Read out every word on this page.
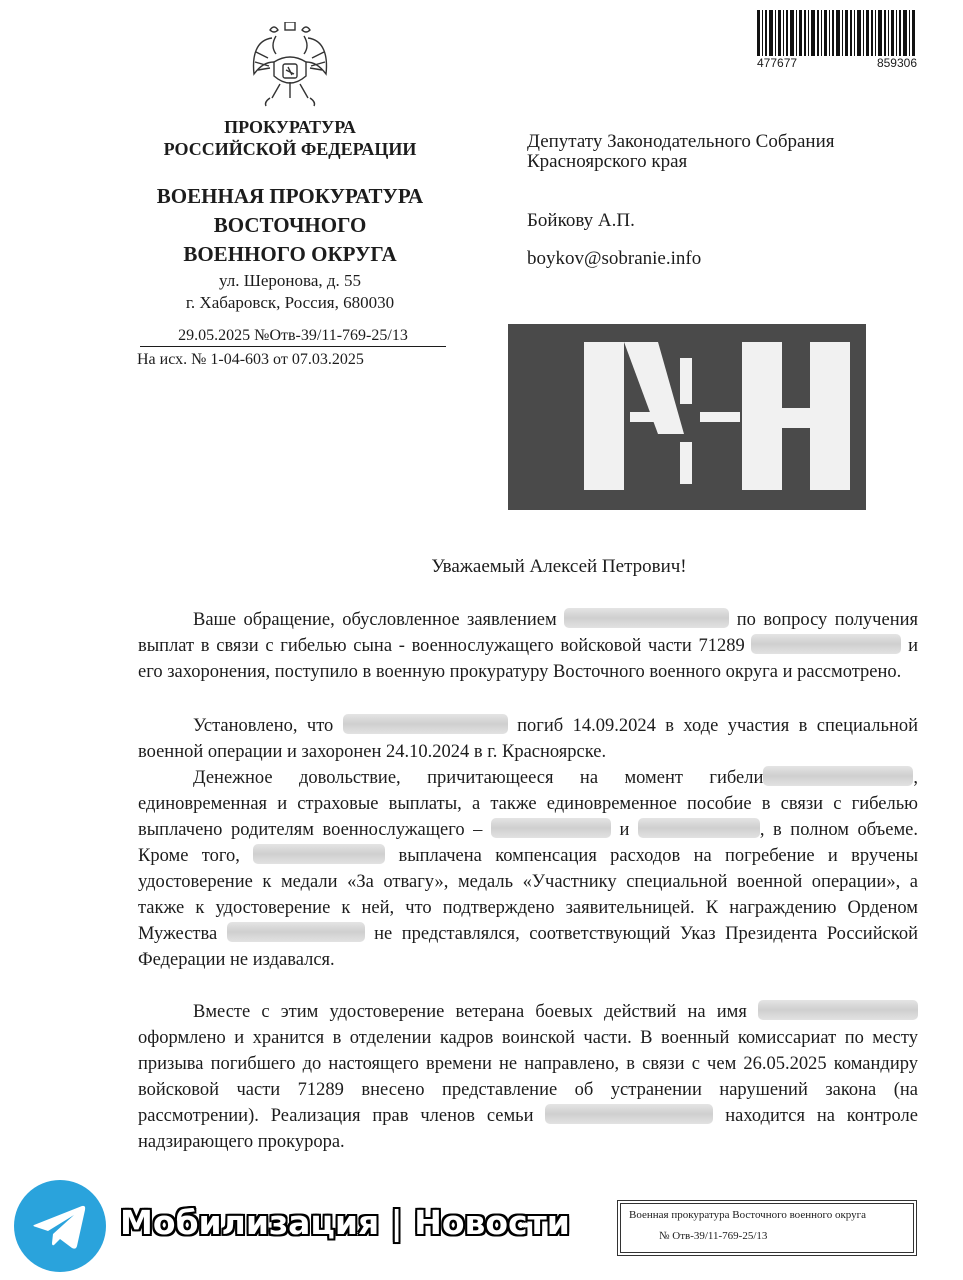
ПРОКУРАТУРА
РОССИЙСКОЙ ФЕДЕРАЦИИ
ВОЕННАЯ ПРОКУРАТУРА
ВОСТОЧНОГО
ВОЕННОГО ОКРУГА
ул. Шеронова, д. 55
г. Хабаровск, Россия, 680030
29.05.2025 №Отв-39/11-769-25/13
На исх. № 1-04-603 от 07.03.2025
477677	859306
Депутату Законодательного Собрания
Красноярского края
Бойкову А.П.
boykov@sobranie.info
Уважаемый Алексей Петрович!
Ваше обращение, обусловленное заявлением	по вопросу получения выплат в связи с гибелью сына - военнослужащего войсковой части 71289	и его захоронения, поступило в военную прокуратуру Восточного военного округа и рассмотрено.
Установлено, что	погиб 14.09.2024 в ходе участия в специальной военной операции и захоронен 24.10.2024 в г. Красноярске.
Денежное довольствие, причитающееся на момент гибели	, единовременная и страховые выплаты, а также единовременное пособие в связи с гибелью выплачено родителям военнослужащего –	и	, в полном объеме. Кроме того,	выплачена компенсация расходов на погребение и вручены удостоверение к медали «За отвагу», медаль «Участнику специальной военной операции», а также к удостоверение к ней, что подтверждено заявительницей. К награждению Орденом Мужества	не представлялся, соответствующий Указ Президента Российской Федерации не издавался.
Вместе с этим удостоверение ветерана боевых действий на имя  оформлено и хранится в отделении кадров воинской части. В военный комиссариат по месту призыва погибшего до настоящего времени не направлено, в связи с чем 26.05.2025 командиру войсковой части 71289 внесено представление об устранении нарушений закона (на рассмотрении). Реализация прав членов семьи	находится на контроле надзирающего прокурора.
Мобилизация | Новости	Военная прокуратура Восточного военного округа
№ Отв-39/11-769-25/13
